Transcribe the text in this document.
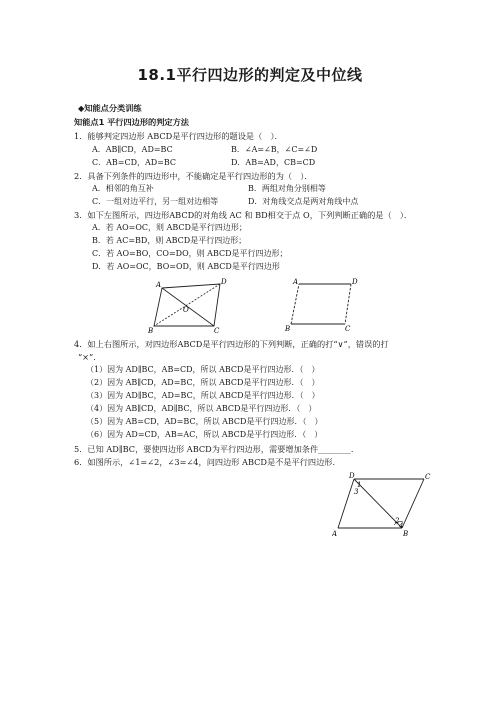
18.1平行四边形的判定及中位线
◆知能点分类训练
知能点1 平行四边形的判定方法
1．能够判定四边形 ABCD是平行四边形的题设是（　）．
A．AB∥CD，AD=BC	B．∠A=∠B，∠C=∠D
C．AB=CD，AD=BC	D．AB=AD，CB=CD
2．具备下列条件的四边形中，不能确定是平行四边形的为（　）．
A．相邻的角互补	B．两组对角分别相等
C．一组对边平行，另一组对边相等	D．对角线交点是两对角线中点
3．如下左图所示，四边形ABCD的对角线 AC 和 BD相交于点 O，下列判断正确的是（　）．
A．若 AO=OC，则 ABCD是平行四边形；
B．若 AC=BD，则 ABCD是平行四边形；
C．若 AO=BO，CO=DO，则 ABCD是平行四边形；
D．若 AO=OC，BO=OD，则 ABCD是平行四边形
A	D
B	C
O
A	D
B	C
4．如上右图所示，对四边形ABCD是平行四边形的下列判断，正确的打“∨”，错误的打
“×”．
（1）因为 AD∥BC，AB=CD，所以 ABCD是平行四边形．（　）
（2）因为 AB∥CD，AD=BC，所以 ABCD是平行四边形．（　）
（3）因为 AD∥BC，AD=BC，所以 ABCD是平行四边形．（　）
（4）因为 AB∥CD，AD∥BC，所以 ABCD是平行四边形．（　）
（5）因为 AB=CD，AD=BC，所以 ABCD是平行四边形．（　）
（6）因为 AD=CD，AB=AC，所以 ABCD是平行四边形．（　）
5．已知 AD∥BC，要使四边形 ABCD为平行四边形，需要增加条件________．
6．如图所示，∠1=∠2，∠3=∠4，问四边形 ABCD是不是平行四边形．
D	C
A	B
1
3
2
4
